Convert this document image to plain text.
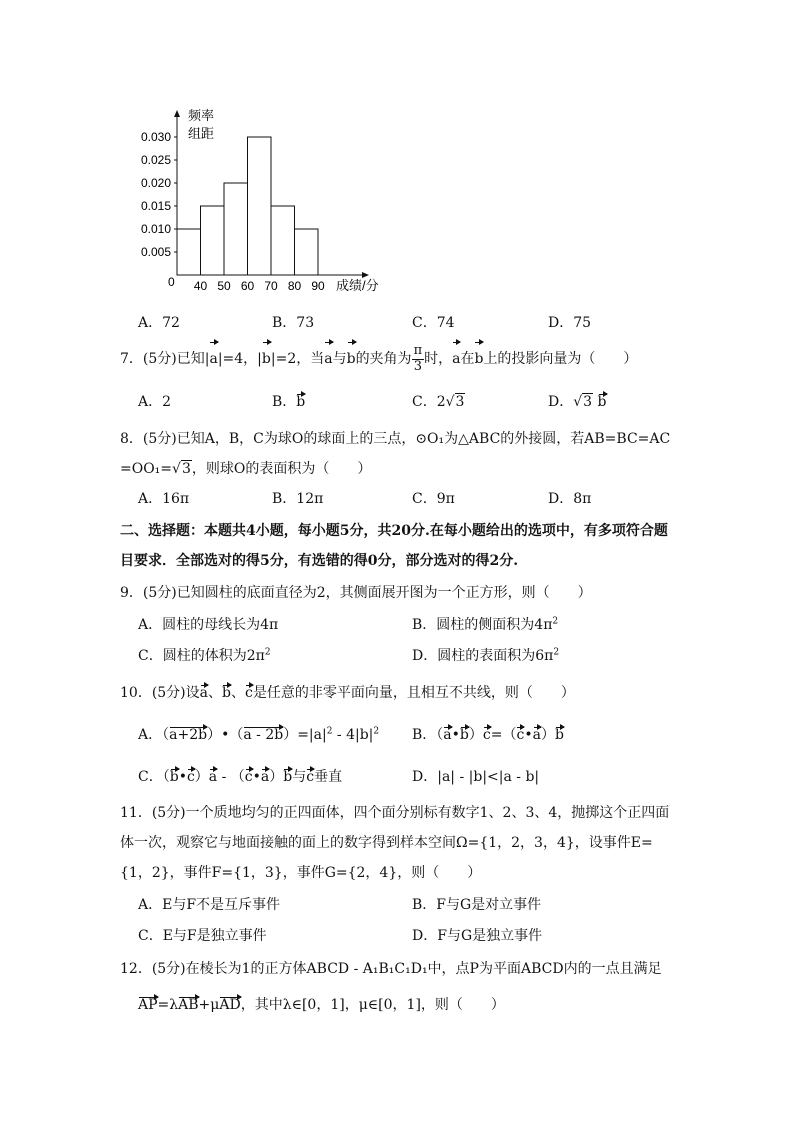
频率
组距
0	成绩/分
0.005
0.010
0.015
0.020
0.025
0.030
40 50 60 70 80 90
A．72	B．73	C．74	D．75
7．(5分)已知|a|=4，|b|=2，当a与b的夹角为 $\frac{\pi}{3}$ 时，a在b上的投影向量为（　　）
A．2	B．b	C．2√3	D．√3 b
8．(5分)已知A，B，C为球O的球面上的三点，⊙O₁为△ABC的外接圆，若AB=BC=AC
=OO₁=√3，则球O的表面积为（　　）
A．16π	B．12π	C．9π	D．8π
二、选择题：本题共4小题，每小题5分，共20分.在每小题给出的选项中，有多项符合题
目要求．全部选对的得5分，有选错的得0分，部分选对的得2分.
9．(5分)已知圆柱的底面直径为2，其侧面展开图为一个正方形，则（　　）
A．圆柱的母线长为4π	B．圆柱的侧面积为$4\pi^2$
C．圆柱的体积为$2\pi^2$	D．圆柱的表面积为$6\pi^2$
10．(5分)设a、b、c是任意的非零平面向量，且相互不共线，则（　　）
A．（a+2b）•（a - $2b)=|a|^2 - 4|b|^2$ B．（a•b）c=（c•a）b
C．（b•c）a - （c•a）b与c垂直	D．|a| - |b|<|a - b|
11．(5分)一个质地均匀的正四面体，四个面分别标有数字1、2、3、4，抛掷这个正四面
体一次，观察它与地面接触的面上的数字得到样本空间Ω={1，2，3，4}，设事件E=
{1，2}，事件F={1，3}，事件G={2，4}，则（　　）
A．E与F不是互斥事件	B．F与G是对立事件
C．E与F是独立事件	D．F与G是独立事件
12．(5分)在棱长为1的正方体ABCD - A₁B₁C₁D₁中，点P为平面ABCD内的一点且满足
AP=λAB+μAD，其中λ∈[0，1]，μ∈[0，1]，则（　　）
